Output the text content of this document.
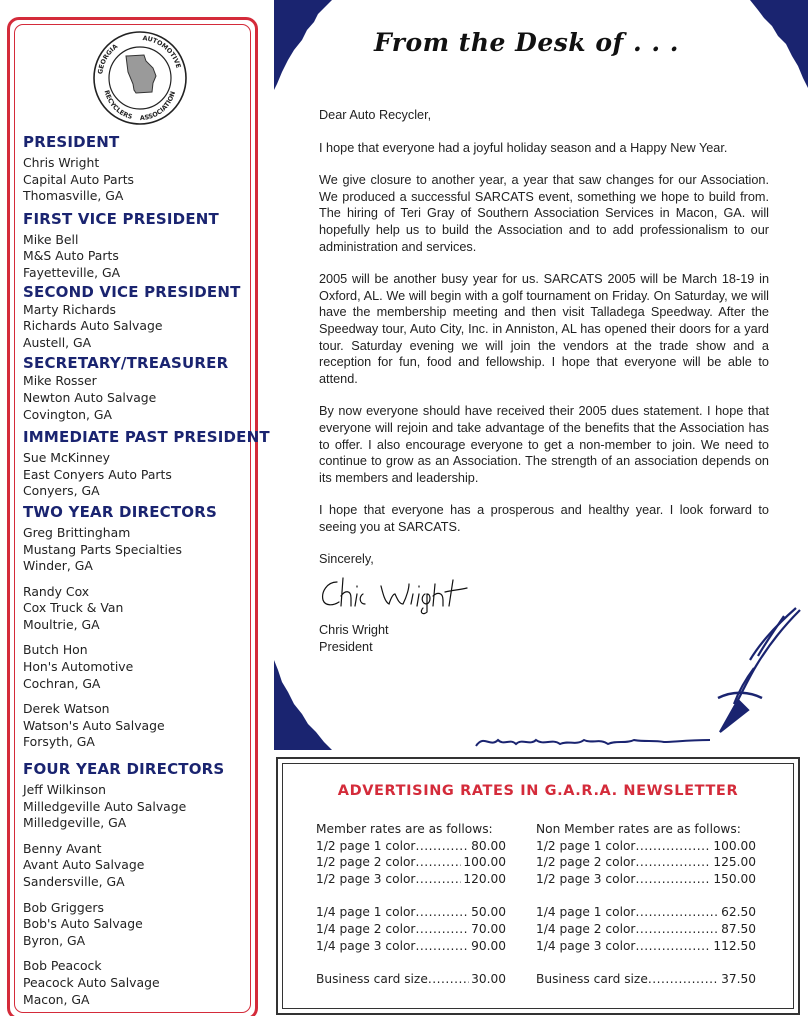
GEORGIA
AUTOMOTIVE
RECYCLERS ASSOCIATION
PRESIDENT
Chris Wright
Capital Auto Parts
Thomasville, GA
FIRST VICE PRESIDENT
Mike Bell
M&S Auto Parts
Fayetteville, GA
SECOND VICE PRESIDENT
Marty Richards
Richards Auto Salvage
Austell, GA
SECRETARY/TREASURER
Mike Rosser
Newton Auto Salvage
Covington, GA
IMMEDIATE PAST PRESIDENT
Sue McKinney
East Conyers Auto Parts
Conyers, GA
TWO YEAR DIRECTORS
Greg Brittingham
Mustang Parts Specialties
Winder, GA
Randy Cox
Cox Truck & Van
Moultrie, GA
Butch Hon
Hon's Automotive
Cochran, GA
Derek Watson
Watson's Auto Salvage
Forsyth, GA
FOUR YEAR DIRECTORS
Jeff Wilkinson
Milledgeville Auto Salvage
Milledgeville, GA
Benny Avant
Avant Auto Salvage
Sandersville, GA
Bob Griggers
Bob's Auto Salvage
Byron, GA
Bob Peacock
Peacock Auto Salvage
Macon, GA
From the Desk of . . .

Dear Auto Recycler,

I hope that everyone had a joyful holiday season and a Happy New Year.

We give closure to another year, a year that saw changes for our Association. We produced a successful SARCATS event, something we hope to build from. The hiring of Teri Gray of Southern Association Services in Macon, GA. will hopefully help us to build the Association and to add professionalism to our administration and services.

2005 will be another busy year for us. SARCATS 2005 will be March 18-19 in Oxford, AL. We will begin with a golf tournament on Friday. On Saturday, we will have the membership meeting and then visit Talladega Speedway. After the Speedway tour, Auto City, Inc. in Anniston, AL has opened their doors for a yard tour. Saturday evening we will join the vendors at the trade show and a reception for fun, food and fellowship. I hope that everyone will be able to attend.

By now everyone should have received their 2005 dues statement. I hope that everyone will rejoin and take advantage of the benefits that the Association has to offer. I also encourage everyone to get a non-member to join. We need to continue to grow as an Association. The strength of an association depends on its members and leadership.

I hope that everyone has a prosperous and healthy year. I look forward to seeing you at SARCATS.

Sincerely,

Chris Wright
President
ADVERTISING RATES IN G.A.R.A. NEWSLETTER
Member rates are as follows:
1/2 page 1 color .....	80.00
1/2 page 2 color .....	100.00
1/2 page 3 color .....	120.00
1/4 page 1 color .....	50.00
1/4 page 2 color .....	70.00
1/4 page 3 color .....	90.00
Business card size .....	30.00
Non Member rates are as follows:
1/2 page 1 color .....	100.00
1/2 page 2 color .....	125.00
1/2 page 3 color .....	150.00
1/4 page 1 color .....	62.50
1/4 page 2 color .....	87.50
1/4 page 3 color .....	112.50
Business card size .....	37.50
